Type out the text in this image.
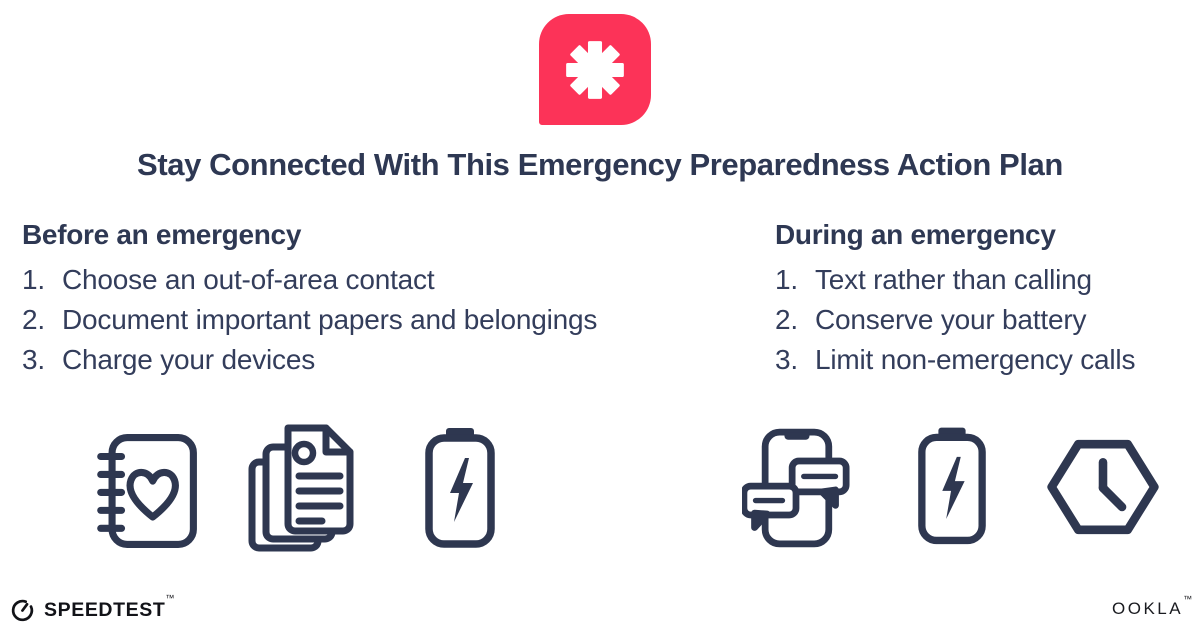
Stay Connected With This Emergency Preparedness Action Plan
Before an emergency
1. Choose an out-of-area contact
2. Document important papers and belongings
3. Charge your devices
During an emergency
1. Text rather than calling
2. Conserve your battery
3. Limit non-emergency calls
SPEEDTEST™
OOKLA™
